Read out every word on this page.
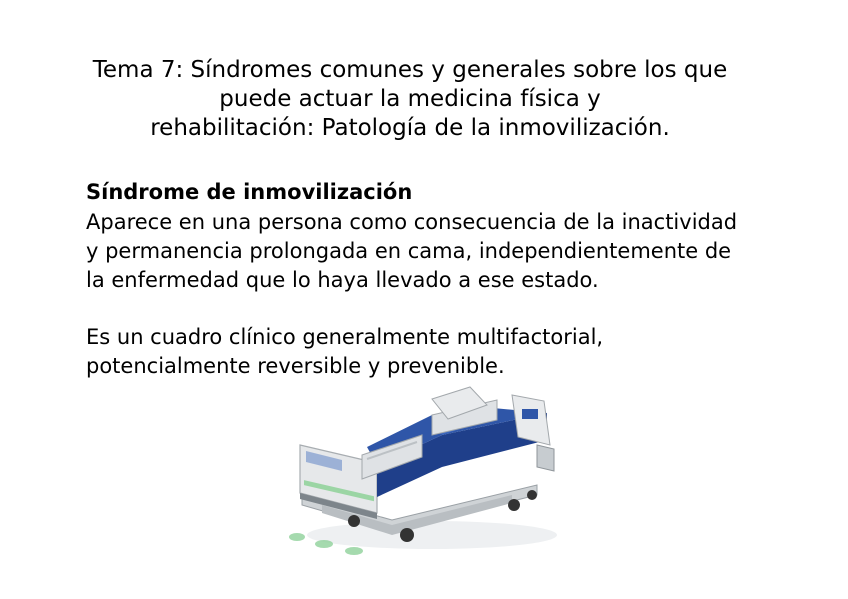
Tema 7: Síndromes comunes y generales sobre los que
puede actuar la medicina física y
rehabilitación: Patología de la inmovilización.
Síndrome de inmovilización

Aparece en una persona como consecuencia de la inactividad
y permanencia prolongada en cama, independientemente de
la enfermedad que lo haya llevado a ese estado.

Es un cuadro clínico generalmente multifactorial,
potencialmente reversible y prevenible.
